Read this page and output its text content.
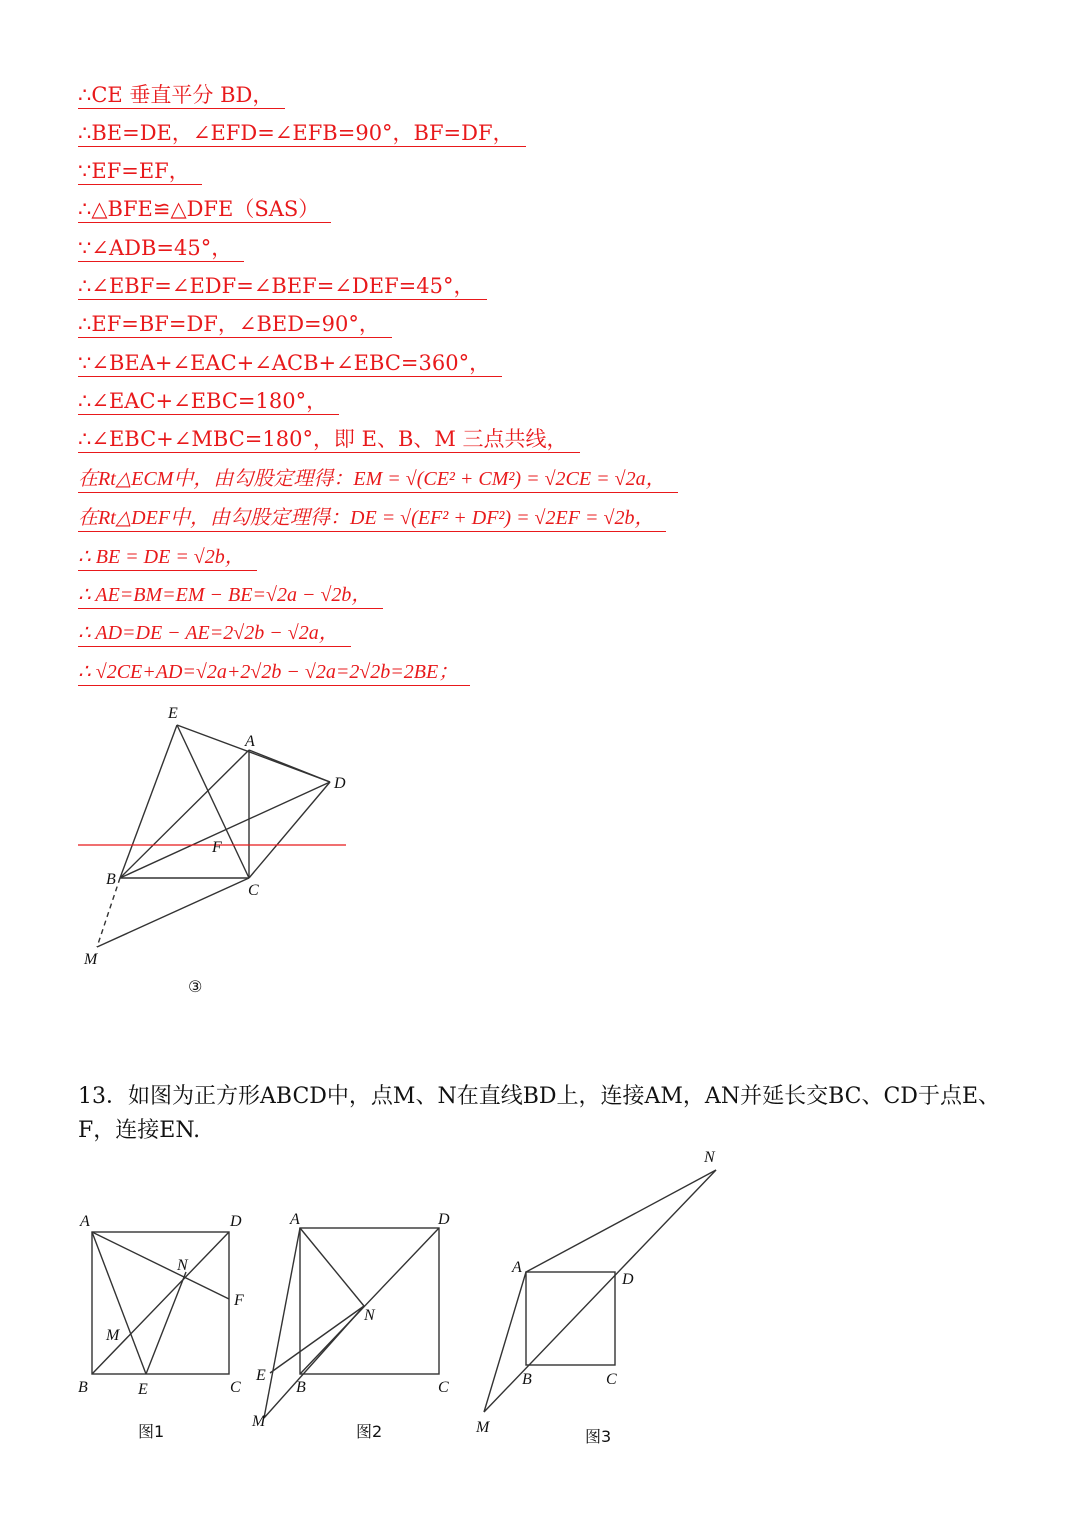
∴CE 垂直平分 BD，
∴BE=DE，∠EFD=∠EFB=90°，BF=DF，
∵EF=EF，
∴△BFE≌△DFE（SAS）
∵∠ADB=45°，
∴∠EBF=∠EDF=∠BEF=∠DEF=45°，
∴EF=BF=DF，∠BED=90°，
∵∠BEA+∠EAC+∠ACB+∠EBC=360°，
∴∠EAC+∠EBC=180°，
∴∠EBC+∠MBC=180°，即 E、B、M 三点共线，
在Rt△ECM中，由勾股定理得：EM = √(CE² + CM²) = √2CE = √2a，
在Rt△DEF中，由勾股定理得：DE = √(EF² + DF²) = √2EF = √2b，
∴ BE = DE = √2b，
∴ AE=BM=EM − BE=√2a − √2b，
∴ AD=DE − AE=2√2b − √2a，
∴ √2CE+AD=√2a+2√2b − √2a=2√2b=2BE；
E
A
D
F
B
C
M
③
13．如图为正方形ABCD中，点M、N在直线BD上，连接AM，AN并延长交BC、CD于点E、F，连接EN.
A	D
N
F
M
B	E	C
图1
A	D
N
E
B	C
M
图2
N
A
D
B	C
M	图3
